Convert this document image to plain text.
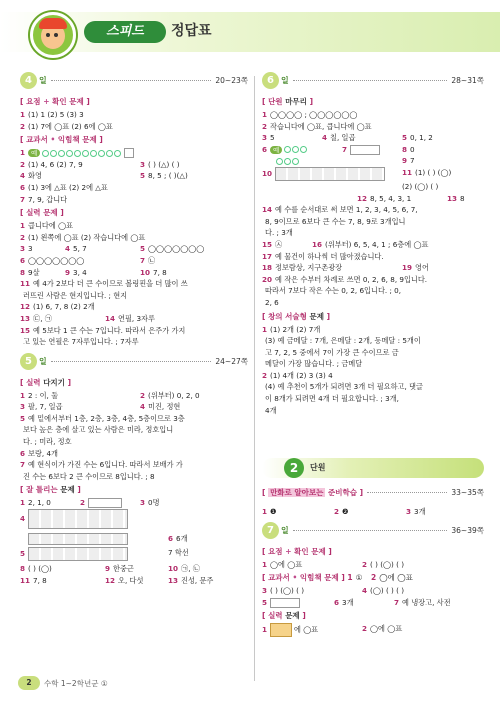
스피드	정답표
4 일	20~23쪽
[ 요점 + 확인 문제 ]
1 (1) 1 (2) 5 (3) 3
2 (1) 7에 ◯표 (2) 6에 ◯표
[ 교과서 • 익힘책 문제 ]
1 예

2 (1) 4, 6 (2) 7, 9	3 ( ) (△) ( )
4 화영	5 8, 5 ; ( )(△)
6 (1) 3에 △표 (2) 2에 △표
7 7, 9, 갑니다
[ 실력 문제 ]
1 큽니다에 ◯표
2 (1) 왼쪽에 ◯표 (2) 작습니다에 ◯표
3 3	4 5, 7	5 ◯◯◯◯◯◯◯
6 ◯◯◯◯◯◯◯	7 ㉡
8 9살	9 3, 4	10 7, 8
11 예 4가 2보다 더 큰 수이므로 볼링핀을 더 많이 쓰
러뜨린 사람은 현지입니다. ; 현지
12 (1) 6, 7, 8 (2) 2개
13 ㉢, ㉠	14 연필, 3자루
15 예 5보다 1 큰 수는 7입니다. 따라서 은주가 가지
고 있는 연필은 7자루입니다. ; 7자루
5 일	24~27쪽
[ 실력 다지기 ]
1 2 : 이, 둘	2 (위부터) 0, 2, 0
3 팔, 7, 일곱	4 미진, 정현
5 예 밑에서부터 1층, 2층, 3층, 4층, 5층이므로 3층
보다 높은 층에 살고 있는 사람은 미라, 정호입니
다. ; 미라, 정호
6 보랑, 4개
7 예 현식이가 가진 수는 6입니다. 따라서 보배가 가
진 수는 6보다 2 큰 수이므로 8입니다. ; 8
[ 잘 틀리는 문제 ]
1 2, 1, 0	2	3 0명
4
6 6개
5	7 학선
8 ( ) (◯)	9 한중근	10 ㉠, ㉡
11 7, 8	12 오, 다섯	13 진성, 문주
6 일	28~31쪽
[ 단원 마무리 ]
1 ◯◯◯◯ ; ◯◯◯◯◯◯
2 작습니다에 ◯표, 큽니다에 ◯표
3 5	4 칠, 일곱	5 0, 1, 2
6 예	7	8 0
9 7
10	11 (1) ( ) (◯)
(2) (◯) ( )
12 8, 5, 4, 3, 1	13 8
14 예 수를 순서대로 써 보면 1, 2, 3, 4, 5, 6, 7,
8, 9이므로 6보다 큰 수는 7, 8, 9로 3개입니
다. ; 3개
15 ㉦	16 (위부터) 6, 5, 4, 1 ; 6층에 ◯표
17 예 물건이 하나씩 더 많아졌습니다.
18 정보람상, 지구촌광장	19 영어
20 예 작은 수부터 차례로 쓰면 0, 2, 6, 8, 9입니다.
따라서 7보다 작은 수는 0, 2, 6입니다. ; 0,
2, 6
[ 창의 서술형 문제 ]
1 (1) 2개 (2) 7개
(3) 예 금메달 : 7개, 은메달 : 2개, 동메달 : 5개이
고 7, 2, 5 중에서 7이 가장 큰 수이므로 금
메달이 가장 많습니다. ; 금메달
2 (1) 4개 (2) 3 (3) 4
(4) 예 추천이 5개가 되려면 3개 더 필요하고, 댓글
이 8개가 되려면 4개 더 필요합니다. ; 3개,
4개
2	단원
[ 만화로 알아보는 준비학습 ]	33~35쪽
1 ❶	2 ❷	3 3개
7 일	36~39쪽
[ 요점 + 확인 문제 ]
1 ◯에 ◯표	2 ( ) (◯) ( )
[ 교과서 • 익힘책 문제 ] 1 ① 2 ◯에 ◯표
3 ( ) (◯) ( )	4 (◯) ( ) ( )
5	6 3개	7 예 냉장고, 사전
[ 실력 문제 ]
1	에 ◯표	2 ◯에 ◯표
2	수학 1~2학년군 ①
